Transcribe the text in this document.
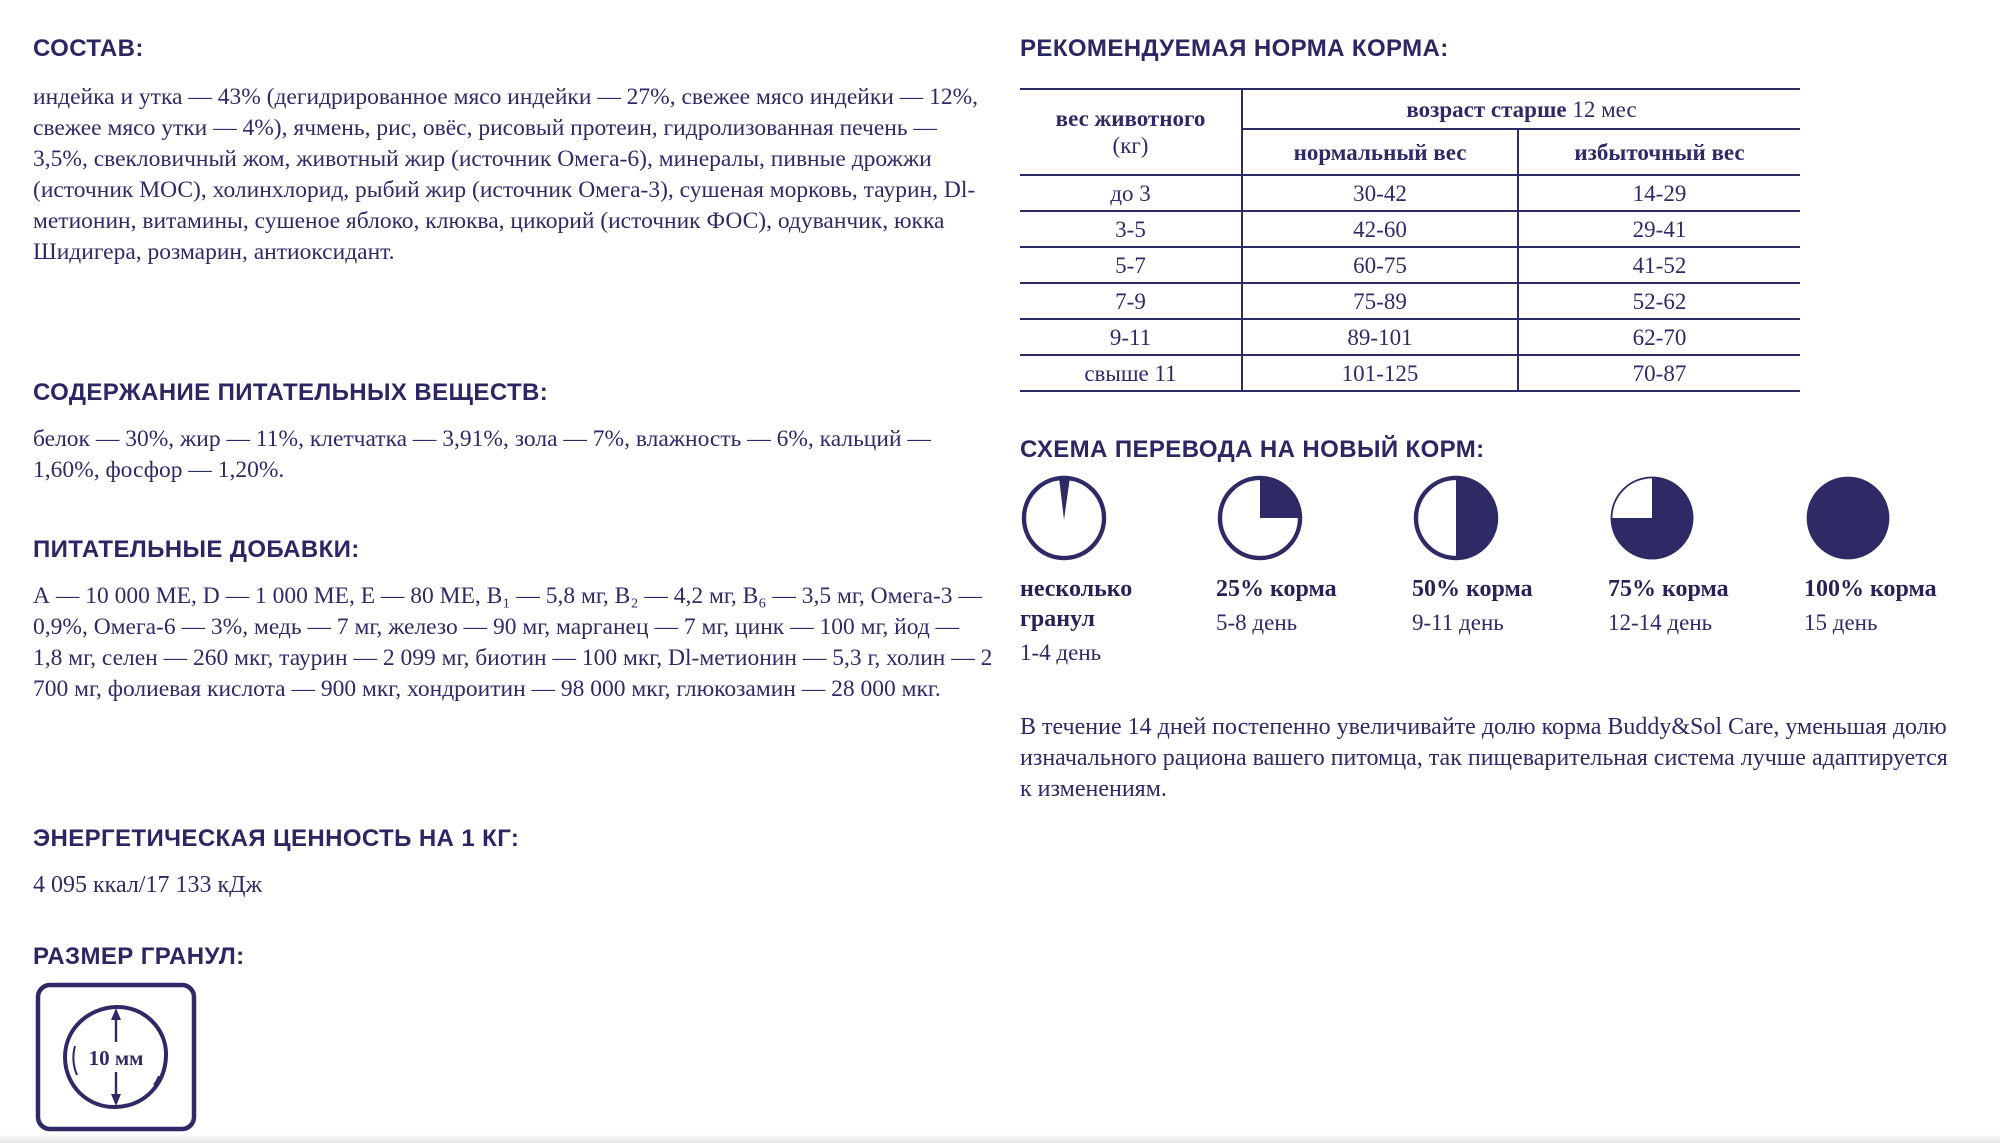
СОСТАВ:

индейка и утка — 43% (дегидрированное мясо индейки — 27%, свежее мясо индейки — 12%, свежее мясо утки — 4%), ячмень, рис, овёс, рисовый протеин, гидролизованная печень — 3,5%, свекловичный жом, животный жир (источник Омега-6), минералы, пивные дрожжи (источник МОС), холинхлорид, рыбий жир (источник Омега-3), сушеная морковь, таурин, Dl-метионин, витамины, сушеное яблоко, клюква, цикорий (источник ФОС), одуванчик, юкка Шидигера, розмарин, антиоксидант.

СОДЕРЖАНИЕ ПИТАТЕЛЬНЫХ ВЕЩЕСТВ:

белок — 30%, жир — 11%, клетчатка — 3,91%, зола — 7%, влажность — 6%, кальций — 1,60%, фосфор — 1,20%.

ПИТАТЕЛЬНЫЕ ДОБАВКИ:

А — 10 000 МЕ, D — 1 000 МЕ, Е — 80 МЕ, В₁ — 5,8 мг, В₂ — 4,2 мг, В₆ — 3,5 мг, Омега-3 — 0,9%, Омега-6 — 3%, медь — 7 мг, железо — 90 мг, марганец — 7 мг, цинк — 100 мг, йод — 1,8 мг, селен — 260 мкг, таурин — 2 099 мг, биотин — 100 мкг, Dl-метионин — 5,3 г, холин — 2 700 мг, фолиевая кислота — 900 мкг, хондроитин — 98 000 мкг, глюкозамин — 28 000 мкг.

ЭНЕРГЕТИЧЕСКАЯ ЦЕННОСТЬ НА 1 КГ:

4 095 ккал/17 133 кДж

РАЗМЕР ГРАНУЛ:
10 мм
РЕКОМЕНДУЕМАЯ НОРМА КОРМА:
вес животного
(кг)	возраст старше 12 мес	
	нормальный вес	избыточный вес
до 3	30-42	14-29
3-5	42-60	29-41
5-7	60-75	41-52
7-9	75-89	52-62
9-11	89-101	62-70
свыше 11	101-125	70-87
СХЕМА ПЕРЕВОДА НА НОВЫЙ КОРМ:
несколько гранул
1-4 день
25% корма
5-8 день
50% корма
9-11 день
75% корма
12-14 день
100% корма
15 день

В течение 14 дней постепенно увеличивайте долю корма Buddy&Sol Care, уменьшая долю изначального рациона вашего питомца, так пищеварительная система лучше адаптируется к изменениям.
